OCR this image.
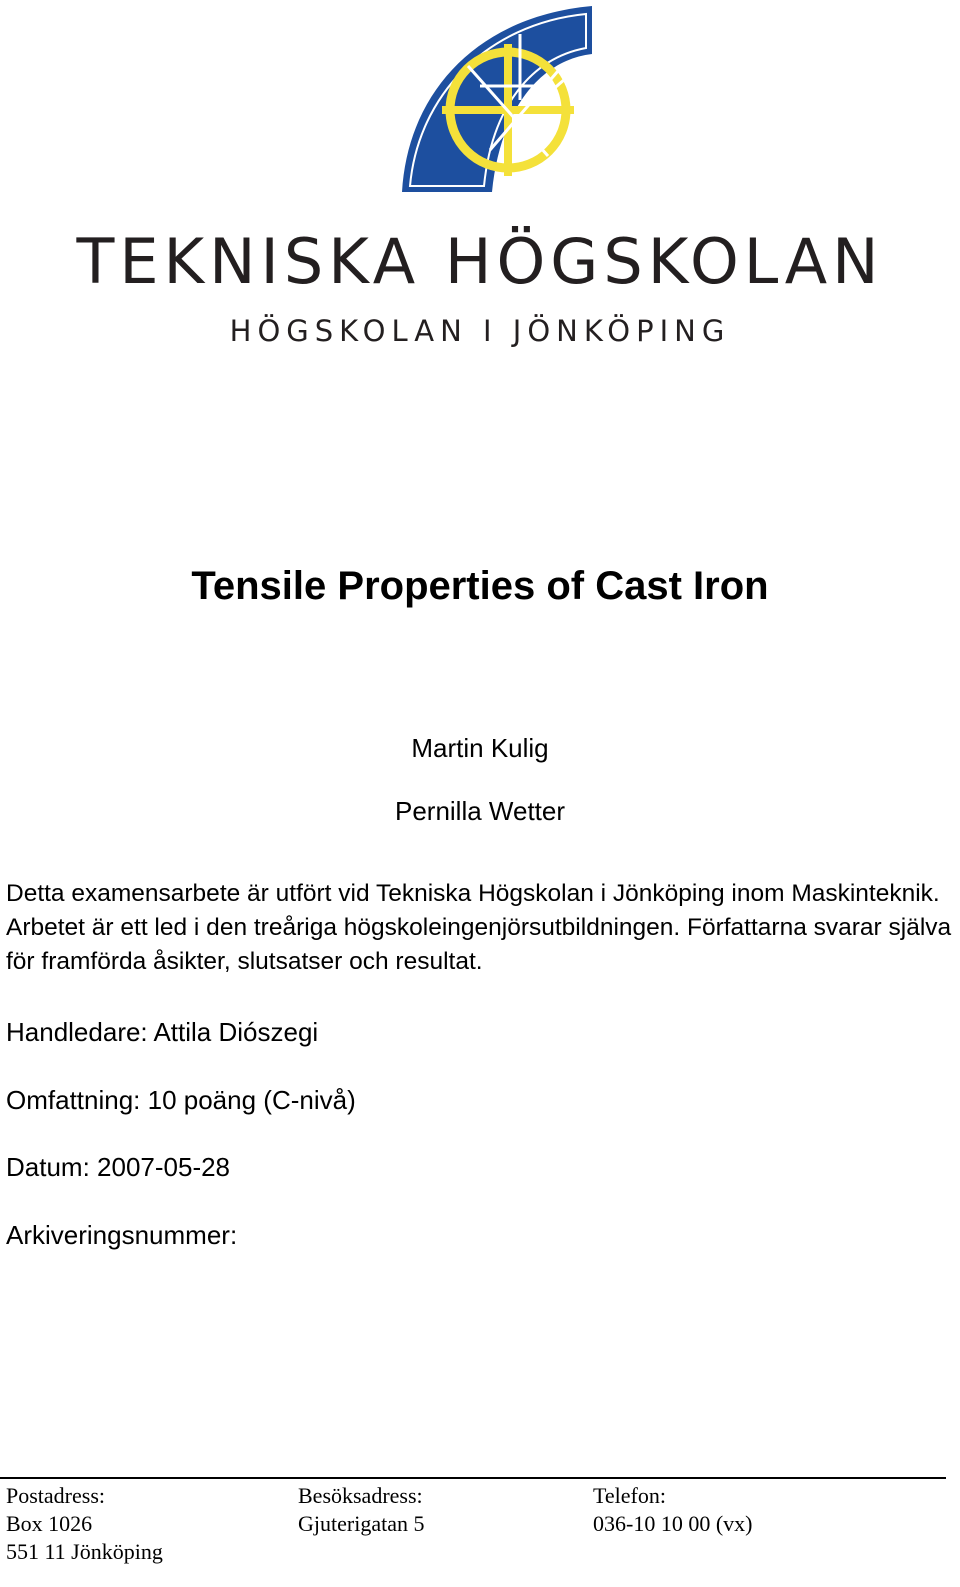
TEKNISKA HÖGSKOLAN
HÖGSKOLAN I JÖNKÖPING
Tensile Properties of Cast Iron
Martin Kulig
Pernilla Wetter
Detta examensarbete är utfört vid Tekniska Högskolan i Jönköping inom Maskinteknik. Arbetet är ett led i den treåriga högskoleingenjörsutbildningen. Författarna svarar själva för framförda åsikter, slutsatser och resultat.
Handledare: Attila Diószegi
Omfattning: 10 poäng (C-nivå)
Datum: 2007-05-28
Arkiveringsnummer:
Postadress:
Box 1026
551 11 Jönköping
Besöksadress:
Gjuterigatan 5
Telefon:
036-10 10 00 (vx)
